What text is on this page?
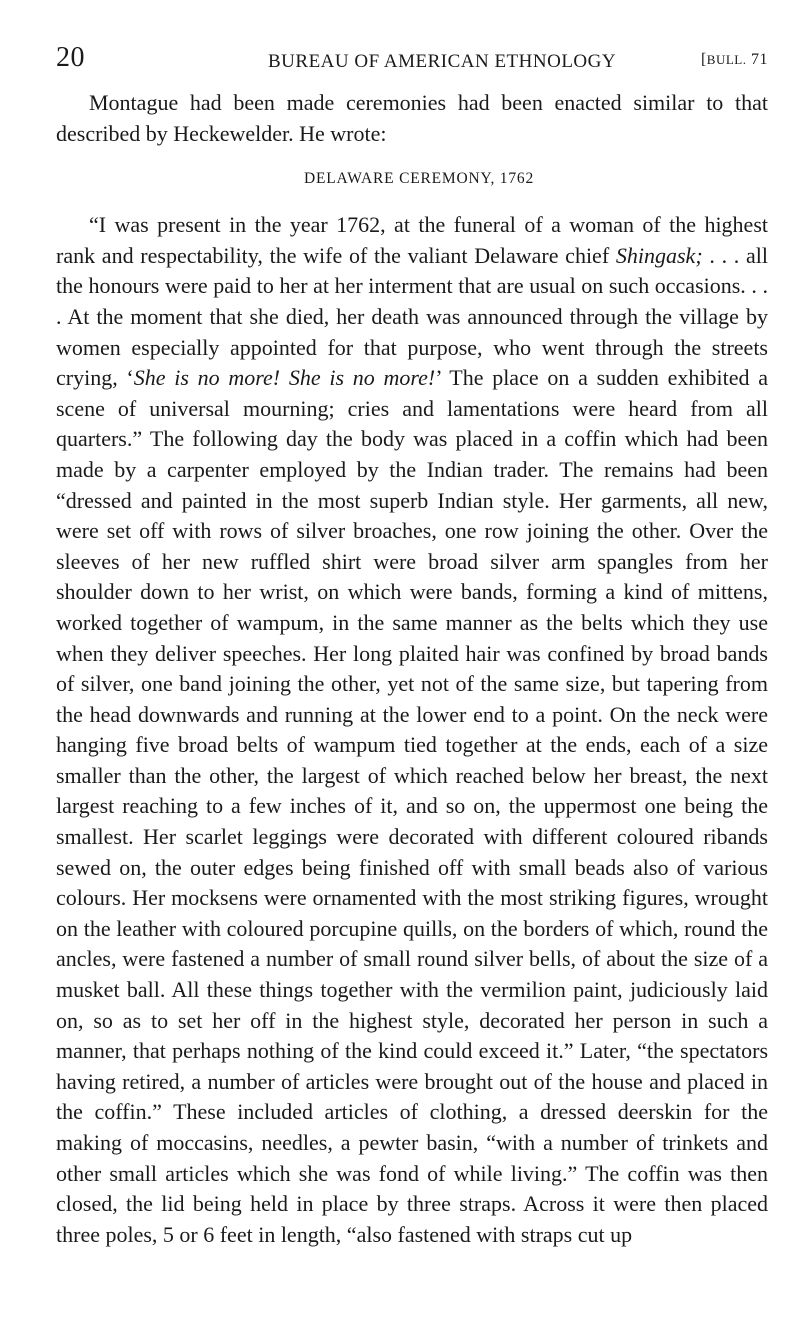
20	BUREAU OF AMERICAN ETHNOLOGY	[BULL. 71

Montague had been made ceremonies had been enacted similar to that described by Heckewelder. He wrote:

DELAWARE CEREMONY, 1762

“I was present in the year 1762, at the funeral of a woman of the highest rank and respectability, the wife of the valiant Delaware chief Shingask; . . . all the honours were paid to her at her interment that are usual on such occasions. . . . At the moment that she died, her death was announced through the village by women especially appointed for that purpose, who went through the streets crying, ‘She is no more! She is no more!’ The place on a sudden exhibited a scene of universal mourning; cries and lamentations were heard from all quarters.” The following day the body was placed in a coffin which had been made by a carpenter employed by the Indian trader. The remains had been “dressed and painted in the most superb Indian style. Her garments, all new, were set off with rows of silver broaches, one row joining the other. Over the sleeves of her new ruffled shirt were broad silver arm spangles from her shoulder down to her wrist, on which were bands, forming a kind of mittens, worked together of wampum, in the same manner as the belts which they use when they deliver speeches. Her long plaited hair was confined by broad bands of silver, one band joining the other, yet not of the same size, but tapering from the head downwards and running at the lower end to a point. On the neck were hanging five broad belts of wampum tied together at the ends, each of a size smaller than the other, the largest of which reached below her breast, the next largest reaching to a few inches of it, and so on, the uppermost one being the smallest. Her scarlet leggings were decorated with different coloured ribands sewed on, the outer edges being finished off with small beads also of various colours. Her mocksens were ornamented with the most striking figures, wrought on the leather with coloured porcupine quills, on the borders of which, round the ancles, were fastened a number of small round silver bells, of about the size of a musket ball. All these things together with the vermilion paint, judiciously laid on, so as to set her off in the highest style, decorated her person in such a manner, that perhaps nothing of the kind could exceed it.” Later, “the spectators having retired, a number of articles were brought out of the house and placed in the coffin.” These included articles of clothing, a dressed deerskin for the making of moccasins, needles, a pewter basin, “with a number of trinkets and other small articles which she was fond of while living.” The coffin was then closed, the lid being held in place by three straps. Across it were then placed three poles, 5 or 6 feet in length, “also fastened with straps cut up
